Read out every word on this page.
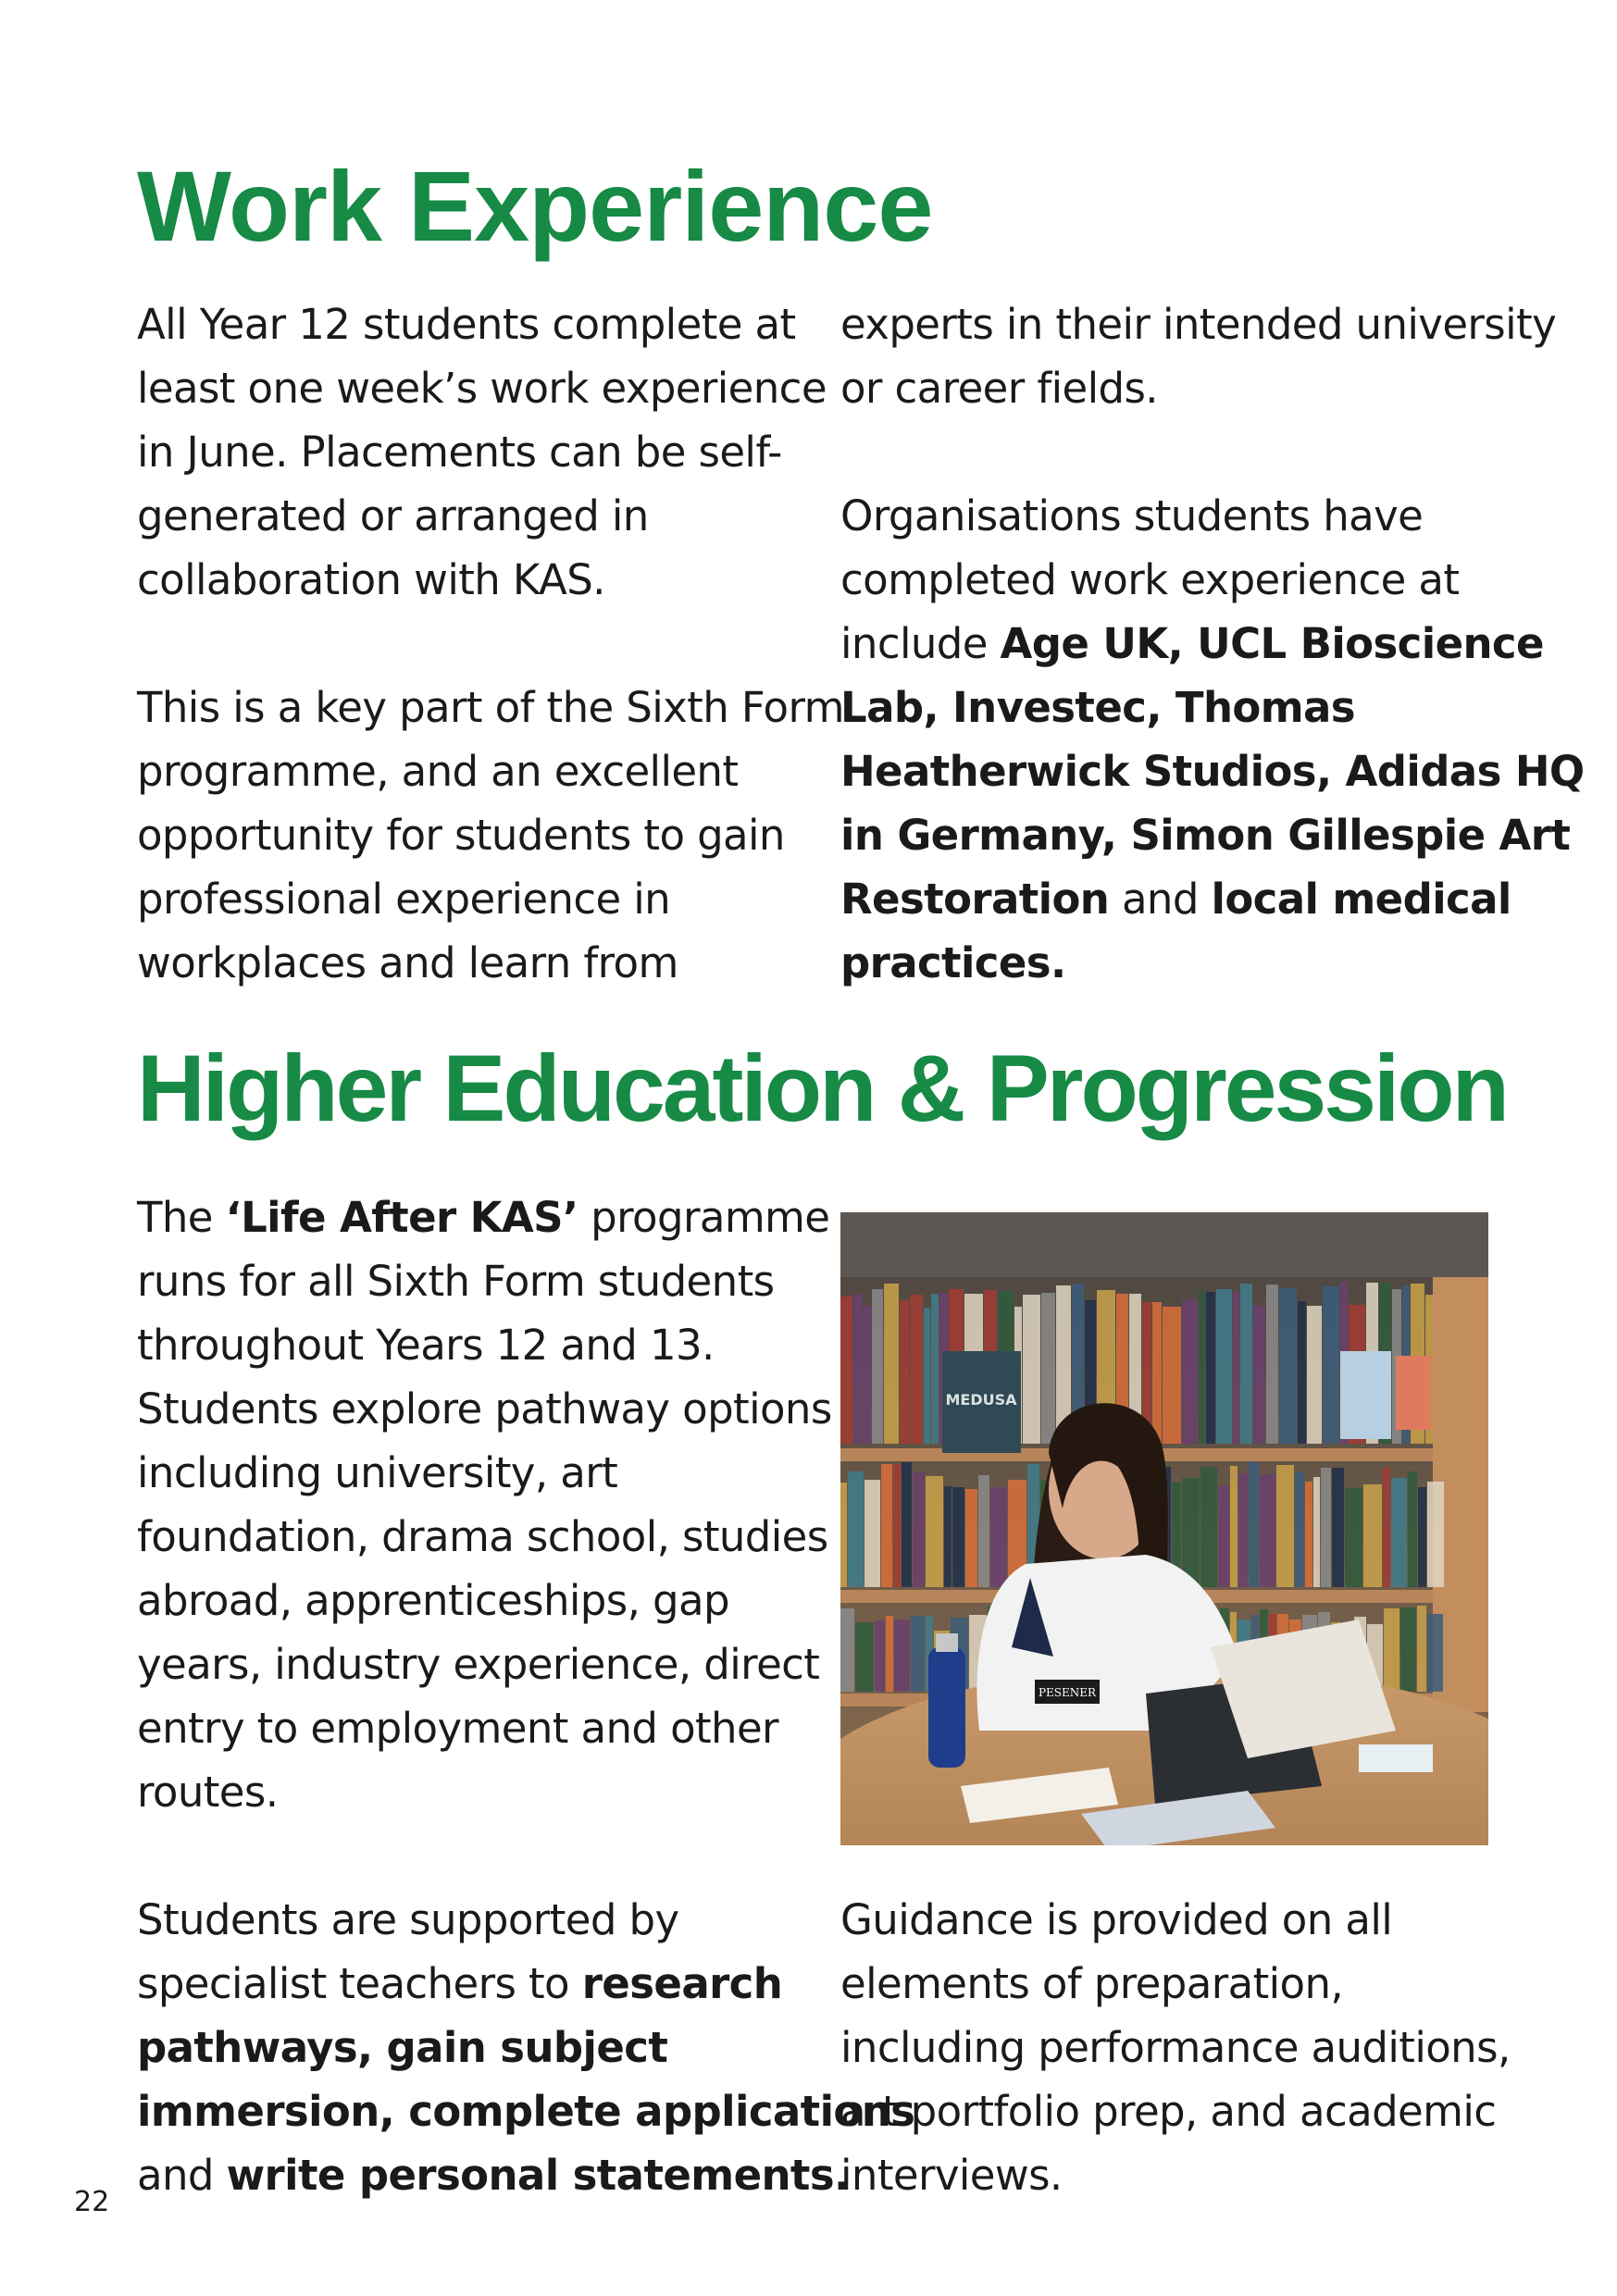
Work Experience
All Year 12 students complete at
least one week’s work experience
in June. Placements can be self-
generated or arranged in
collaboration with KAS.
This is a key part of the Sixth Form
programme, and an excellent
opportunity for students to gain
professional experience in
workplaces and learn from
experts in their intended university
or career fields.
Organisations students have
completed work experience at
include Age UK, UCL Bioscience
Lab, Investec, Thomas
Heatherwick Studios, Adidas HQ
in Germany, Simon Gillespie Art
Restoration and local medical
practices.
Higher Education & Progression
The ‘Life After KAS’ programme
runs for all Sixth Form students
throughout Years 12 and 13.
Students explore pathway options
including university, art
foundation, drama school, studies
abroad, apprenticeships, gap
years, industry experience, direct
entry to employment and other
routes.
MEDUSA
PESENER
Students are supported by
specialist teachers to research
pathways, gain subject
immersion, complete applications
and write personal statements.
Guidance is provided on all
elements of preparation,
including performance auditions,
art portfolio prep, and academic
interviews.
22
